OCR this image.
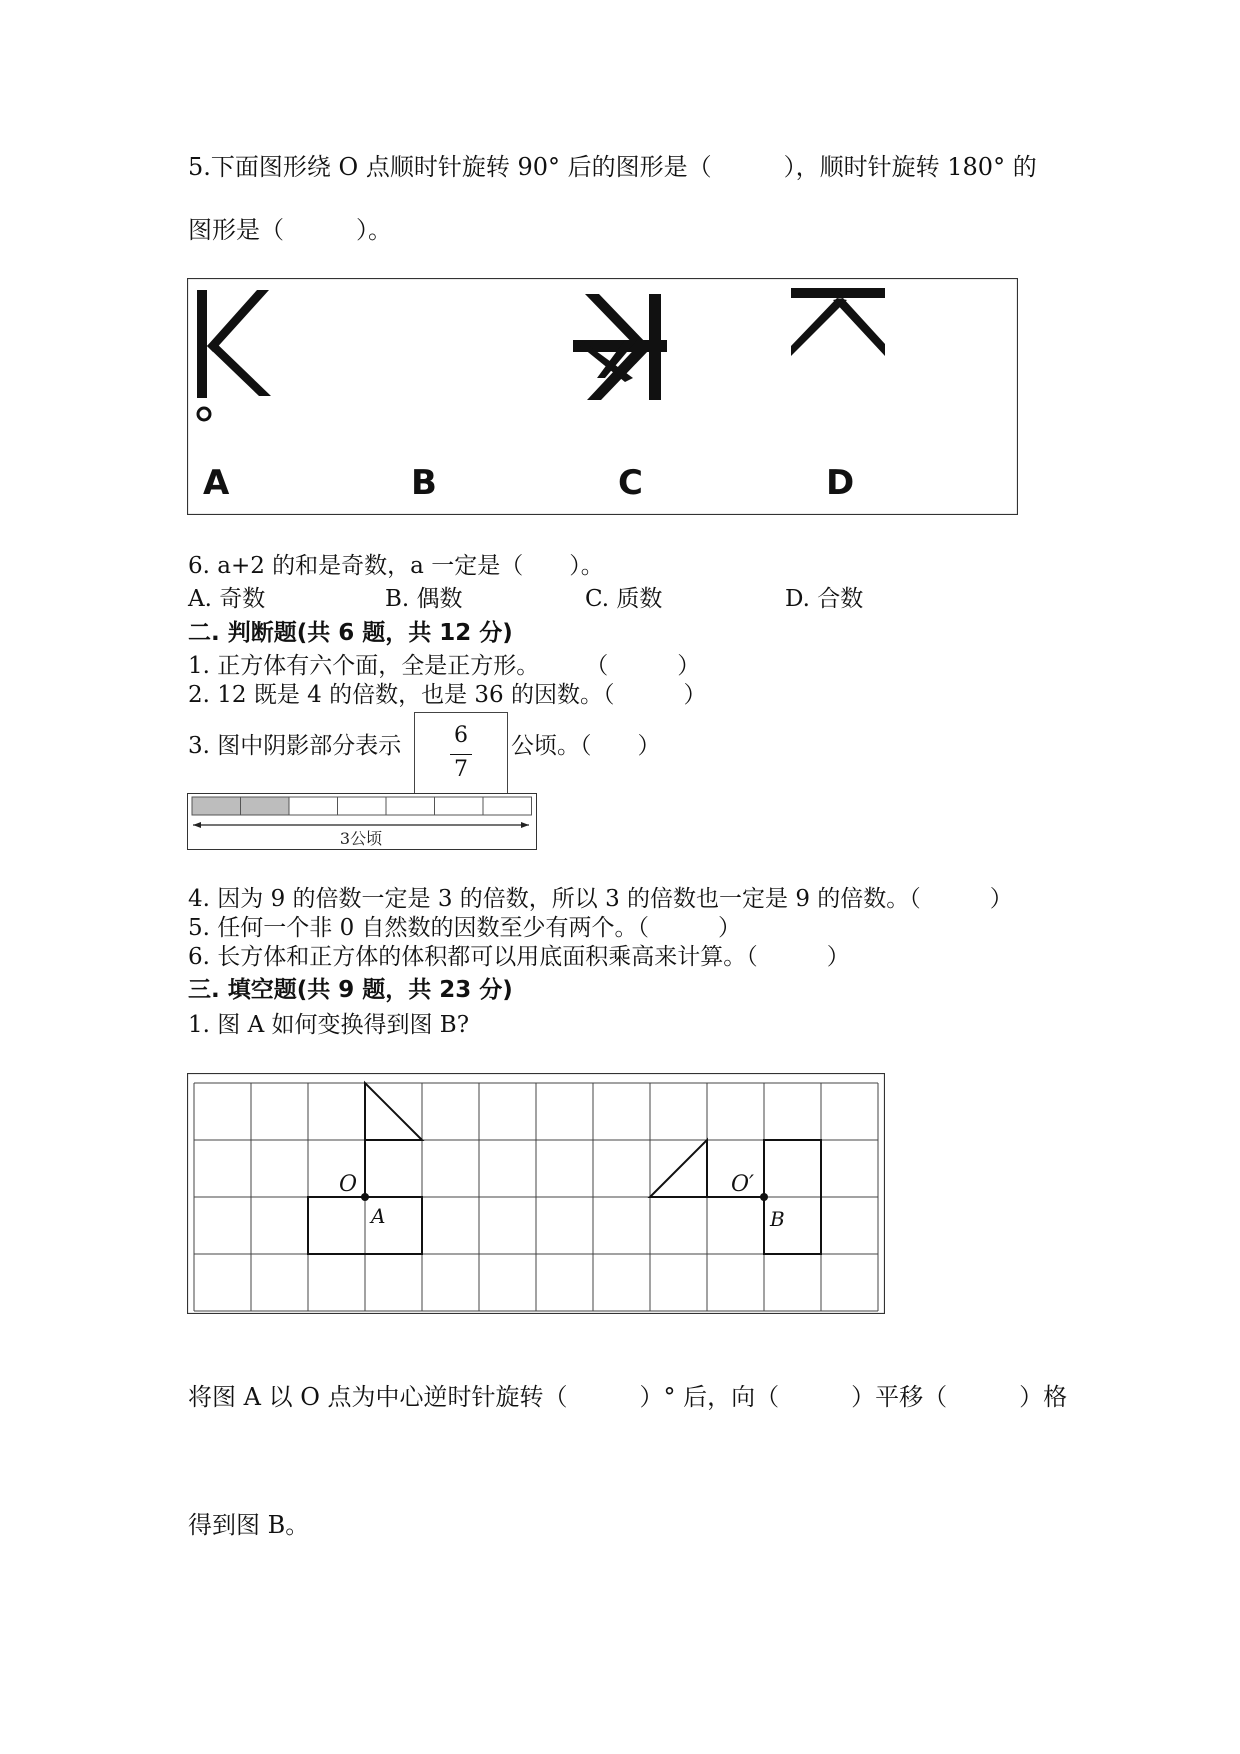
5.下面图形绕 O 点顺时针旋转 90° 后的图形是（　　　），顺时针旋转 180° 的
图形是（　　　）。
A	B	C	D
6. a+2 的和是奇数，a 一定是（　　）。
A. 奇数	B. 偶数	C. 质数	D. 合数
二. 判断题(共 6 题，共 12 分)
1. 正方体有六个面，全是正方形。　　　（　　　）
2. 12 既是 4 的倍数，也是 36 的因数。（　　　）
3. 图中阴影部分表示	6
7
公顷。（　　）
3公顷
4. 因为 9 的倍数一定是 3 的倍数，所以 3 的倍数也一定是 9 的倍数。（　　　）
5. 任何一个非 0 自然数的因数至少有两个。（　　　）
6. 长方体和正方体的体积都可以用底面积乘高来计算。（　　　）
三. 填空题(共 9 题，共 23 分)
1. 图 A 如何变换得到图 B?
O
A
O′
B
将图 A 以 O 点为中心逆时针旋转（　　　）° 后，向（　　　）平移（　　　）格
得到图 B。
